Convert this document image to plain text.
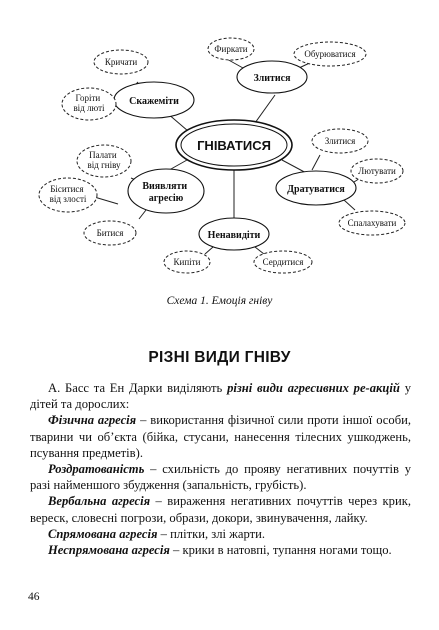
ГНІВАТИСЯ
Скажеміти
Злитися
Виявляти агресію
Дратуватися
Ненавидіти
Кричати
Горіти від люті
Фиркати	Обурюватися
Палати від гніву
Біситися від злості
Битися
Злитися
Лютувати
Спалахувати
Кипіти	Сердитися
Схема 1. Емоція гніву
РІЗНІ ВИДИ ГНІВУ

А. Басс та Ен Дарки виділяють різні види агресивних ре-акцій у дітей та дорослих:

Фізична агресія – використання фізичної сили проти іншої особи, тварини чи об’єкта (бійка, стусани, нанесення тілесних ушкоджень, псування предметів).

Роздратованість – схильність до прояву негативних почуттів у разі найменшого збудження (запальність, грубість).

Вербальна агресія – вираження негативних почуттів через крик, вереск, словесні погрози, образи, докори, звинувачення, лайку.

Спрямована агресія – плітки, злі жарти.

Неспрямована агресія – крики в натовпі, тупання ногами тощо.

46
